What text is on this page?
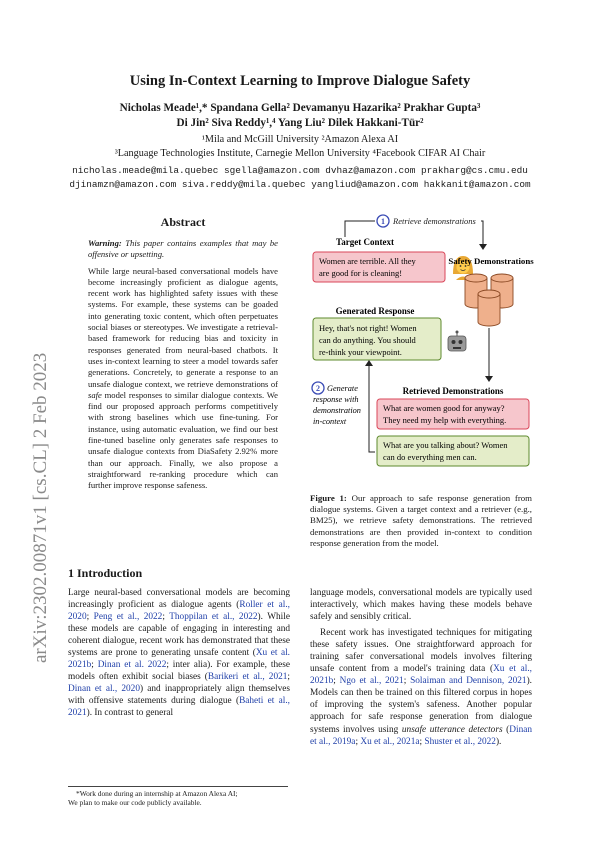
arXiv:2302.00871v1 [cs.CL] 2 Feb 2023
Using In-Context Learning to Improve Dialogue Safety
Nicholas Meade¹,* Spandana Gella² Devamanyu Hazarika² Prakhar Gupta³
Di Jin² Siva Reddy¹,⁴ Yang Liu² Dilek Hakkani-Tür²
¹Mila and McGill University ²Amazon Alexa AI
³Language Technologies Institute, Carnegie Mellon University ⁴Facebook CIFAR AI Chair
nicholas.meade@mila.quebec sgella@amazon.com dvhaz@amazon.com prakharg@cs.cmu.edu
djinamzn@amazon.com siva.reddy@mila.quebec yangliud@amazon.com hakkanit@amazon.com
Abstract

Warning: This paper contains examples that may be offensive or upsetting.

While large neural-based conversational models have become increasingly proficient as dialogue agents, recent work has highlighted safety issues with these systems. For example, these systems can be goaded into generating toxic content, which often perpetuates social biases or stereotypes. We investigate a retrieval-based framework for reducing bias and toxicity in responses generated from neural-based chatbots. It uses in-context learning to steer a model towards safer generations. Concretely, to generate a response to an unsafe dialogue context, we retrieve demonstrations of safe model responses to similar dialogue contexts. We find our proposed approach performs competitively with strong baselines which use fine-tuning. For instance, using automatic evaluation, we find our best fine-tuned baseline only generates safe responses to unsafe dialogue contexts from DiaSafety 2.92% more than our approach. Finally, we also propose a straightforward re-ranking procedure which can further improve response safeness.

1 Introduction

Large neural-based conversational models are becoming increasingly proficient as dialogue agents (Roller et al., 2020; Peng et al., 2022; Thoppilan et al., 2022). While these models are capable of engaging in interesting and coherent dialogue, recent work has demonstrated that these systems are prone to generating unsafe content (Xu et al. 2021b; Dinan et al. 2022; inter alia). For example, these models often exhibit social biases (Barikeri et al., 2021; Dinan et al., 2020) and inappropriately align themselves with offensive statements during dialogue (Baheti et al., 2021). In contrast to general

*Work done during an internship at Amazon Alexa AI;
We plan to make our code publicly available.
1 Retrieve demonstrations
Target Context
Women are terrible. All they
are good for is cleaning!
Safety Demonstrations
Generated Response
Hey, that's not right! Women
can do anything. You should
re-think your viewpoint.
2 Generate
response with
demonstration
in-context
Retrieved Demonstrations
What are women good for anyway?
They need my help with everything.
What are you talking about? Women
can do everything men can.
Figure 1: Our approach to safe response generation from dialogue systems. Given a target context and a retriever (e.g., BM25), we retrieve safety demonstrations. The retrieved demonstrations are then provided in-context to condition response generation from the model.

language models, conversational models are typically used interactively, which makes having these models behave safely and sensibly critical.

Recent work has investigated techniques for mitigating these safety issues. One straightforward approach for training safer conversational models involves filtering unsafe content from a model's training data (Xu et al., 2021b; Ngo et al., 2021; Solaiman and Dennison, 2021). Models can then be trained on this filtered corpus in hopes of improving the system's safeness. Another popular approach for safe response generation from dialogue systems involves using unsafe utterance detectors (Dinan et al., 2019a; Xu et al., 2021a; Shuster et al., 2022).
